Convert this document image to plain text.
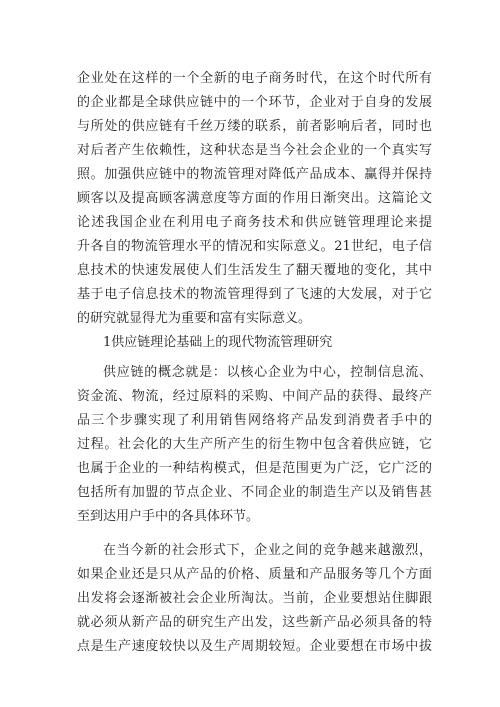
企业处在这样的一个全新的电子商务时代，在这个时代所有
的企业都是全球供应链中的一个环节，企业对于自身的发展
与所处的供应链有千丝万缕的联系，前者影响后者，同时也
对后者产生依赖性，这种状态是当今社会企业的一个真实写
照。加强供应链中的物流管理对降低产品成本、赢得并保持
顾客以及提高顾客满意度等方面的作用日渐突出。这篇论文
论述我国企业在利用电子商务技术和供应链管理理论来提
升各自的物流管理水平的情况和实际意义。21世纪，电子信
息技术的快速发展使人们生活发生了翻天覆地的变化，其中
基于电子信息技术的物流管理得到了飞速的大发展，对于它
的研究就显得尤为重要和富有实际意义。
1供应链理论基础上的现代物流管理研究
供应链的概念就是：以核心企业为中心，控制信息流、
资金流、物流，经过原料的采购、中间产品的获得、最终产
品三个步骤实现了利用销售网络将产品发到消费者手中的
过程。社会化的大生产所产生的衍生物中包含着供应链，它
也属于企业的一种结构模式，但是范围更为广泛，它广泛的
包括所有加盟的节点企业、不同企业的制造生产以及销售甚
至到达用户手中的各具体环节。
在当今新的社会形式下，企业之间的竞争越来越激烈，
如果企业还是只从产品的价格、质量和产品服务等几个方面
出发将会逐渐被社会企业所淘汰。当前，企业要想站住脚跟
就必须从新产品的研究生产出发，这些新产品必须具备的特
点是生产速度较快以及生产周期较短。企业要想在市场中拔
